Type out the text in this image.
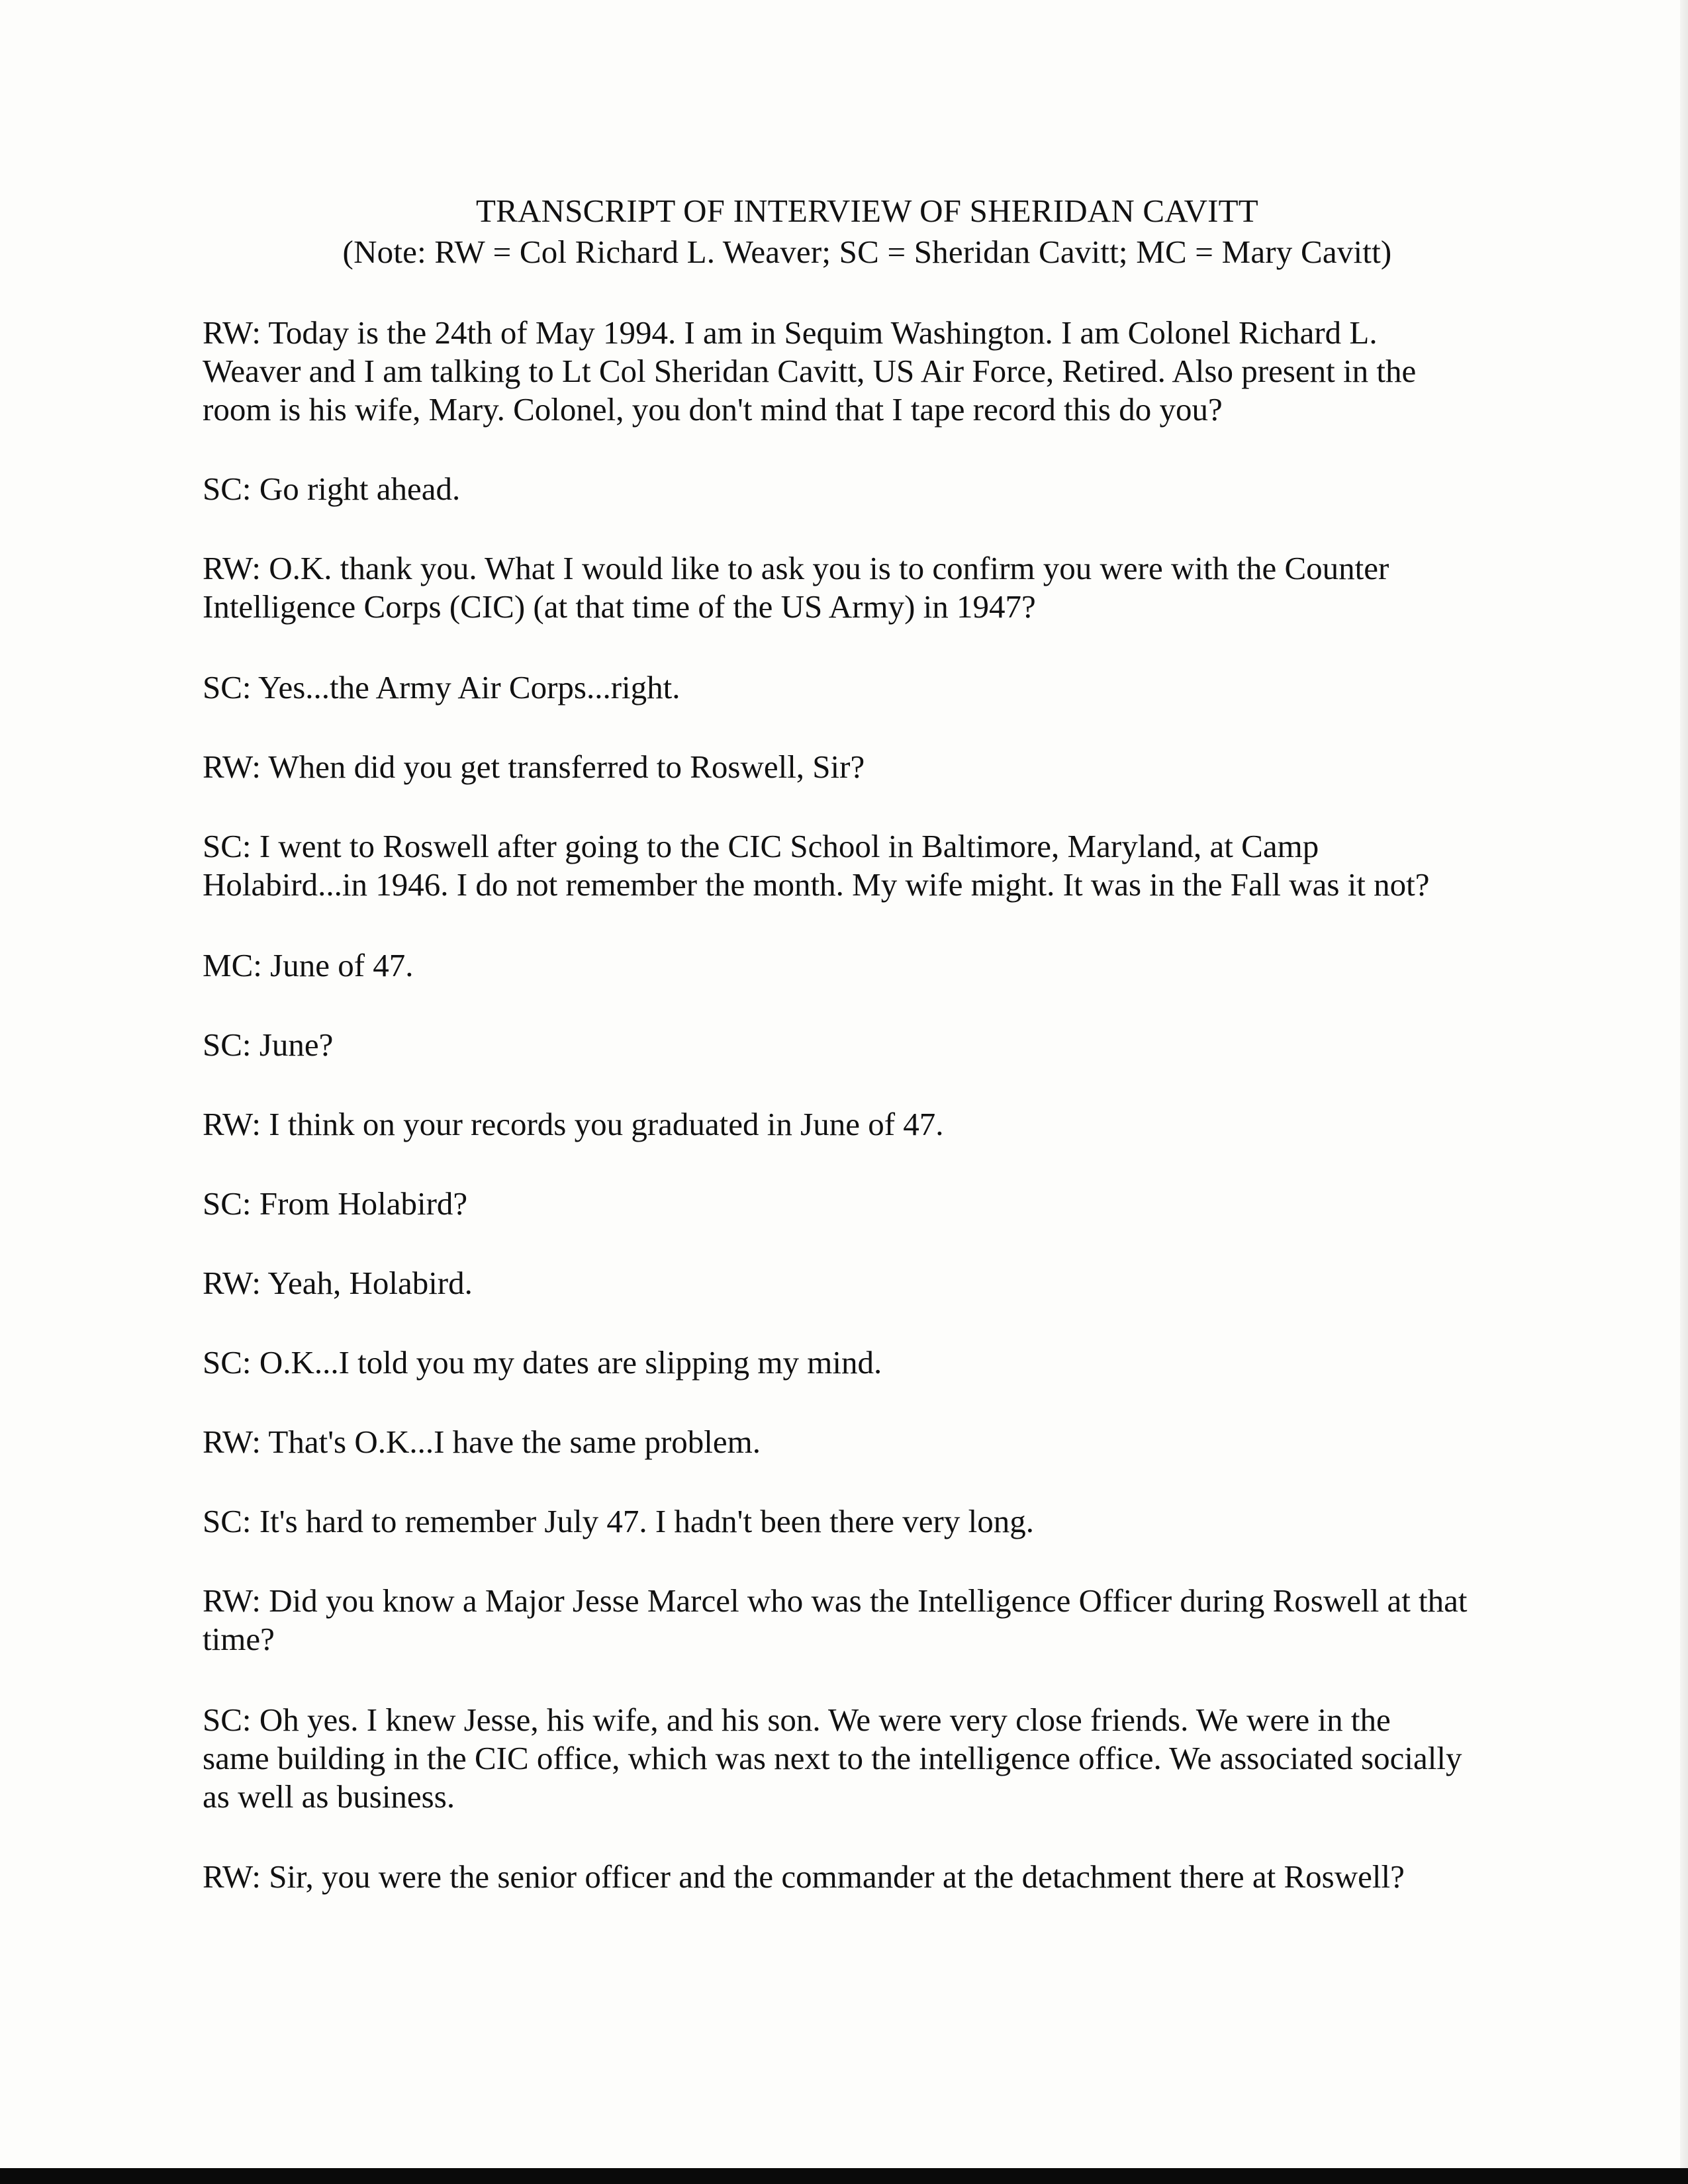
TRANSCRIPT OF INTERVIEW OF SHERIDAN CAVITT
(Note: RW = Col Richard L. Weaver; SC = Sheridan Cavitt; MC = Mary Cavitt)
RW: Today is the 24th of May 1994. I am in Sequim Washington. I am Colonel Richard L.
Weaver and I am talking to Lt Col Sheridan Cavitt, US Air Force, Retired. Also present in the
room is his wife, Mary. Colonel, you don't mind that I tape record this do you?
SC: Go right ahead.
RW: O.K. thank you. What I would like to ask you is to confirm you were with the Counter
Intelligence Corps (CIC) (at that time of the US Army) in 1947?
SC: Yes...the Army Air Corps...right.
RW: When did you get transferred to Roswell, Sir?
SC: I went to Roswell after going to the CIC School in Baltimore, Maryland, at Camp
Holabird...in 1946. I do not remember the month. My wife might. It was in the Fall was it not?
MC: June of 47.
SC: June?
RW: I think on your records you graduated in June of 47.
SC: From Holabird?
RW: Yeah, Holabird.
SC: O.K...I told you my dates are slipping my mind.
RW: That's O.K...I have the same problem.
SC: It's hard to remember July 47. I hadn't been there very long.
RW: Did you know a Major Jesse Marcel who was the Intelligence Officer during Roswell at that
time?
SC: Oh yes. I knew Jesse, his wife, and his son. We were very close friends. We were in the
same building in the CIC office, which was next to the intelligence office. We associated socially
as well as business.
RW: Sir, you were the senior officer and the commander at the detachment there at Roswell?
